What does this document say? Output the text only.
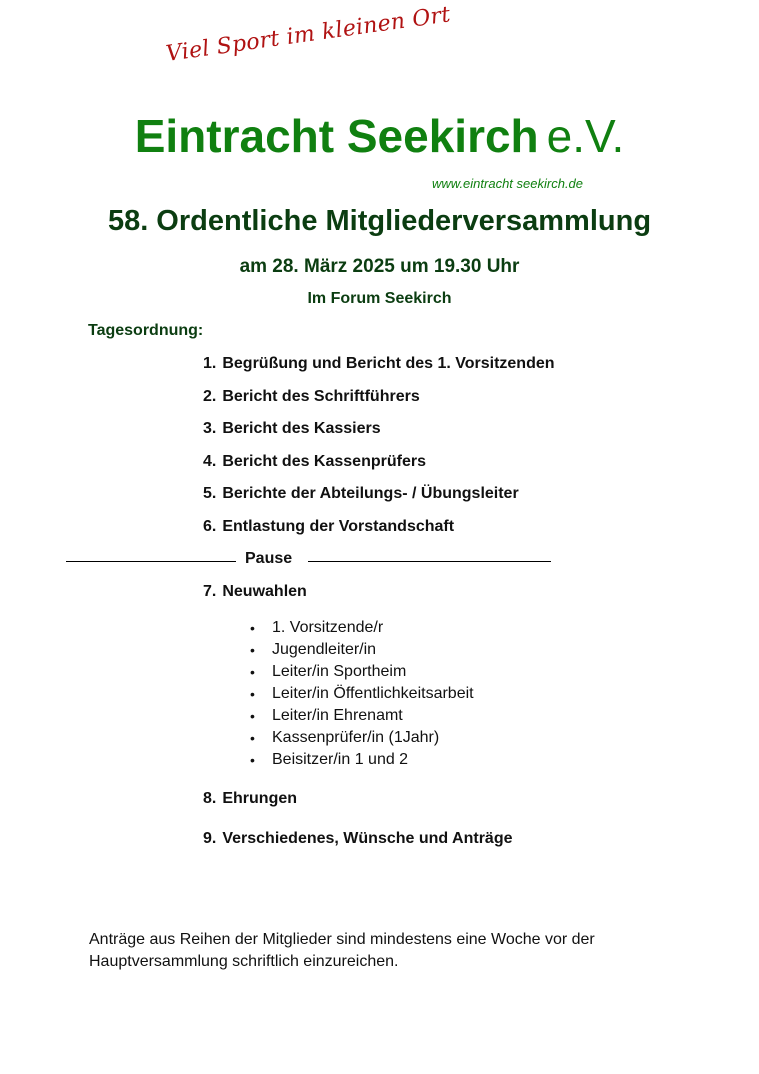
Viel Sport im kleinen Ort
Eintracht Seekirch e.V.
www.eintracht seekirch.de
58. Ordentliche Mitgliederversammlung
am 28. März 2025 um 19.30 Uhr
Im Forum Seekirch
Tagesordnung:
1. Begrüßung und Bericht des 1. Vorsitzenden
2. Bericht des Schriftführers
3. Bericht des Kassiers
4. Bericht des Kassenprüfers
5. Berichte der Abteilungs- / Übungsleiter
6. Entlastung der Vorstandschaft
Pause
7. Neuwahlen
• 1. Vorsitzende/r
• Jugendleiter/in
• Leiter/in Sportheim
• Leiter/in Öffentlichkeitsarbeit
• Leiter/in Ehrenamt
• Kassenprüfer/in (1Jahr)
• Beisitzer/in 1 und 2
8. Ehrungen
9. Verschiedenes, Wünsche und Anträge
Anträge aus Reihen der Mitglieder sind mindestens eine Woche vor der Hauptversammlung schriftlich einzureichen.
